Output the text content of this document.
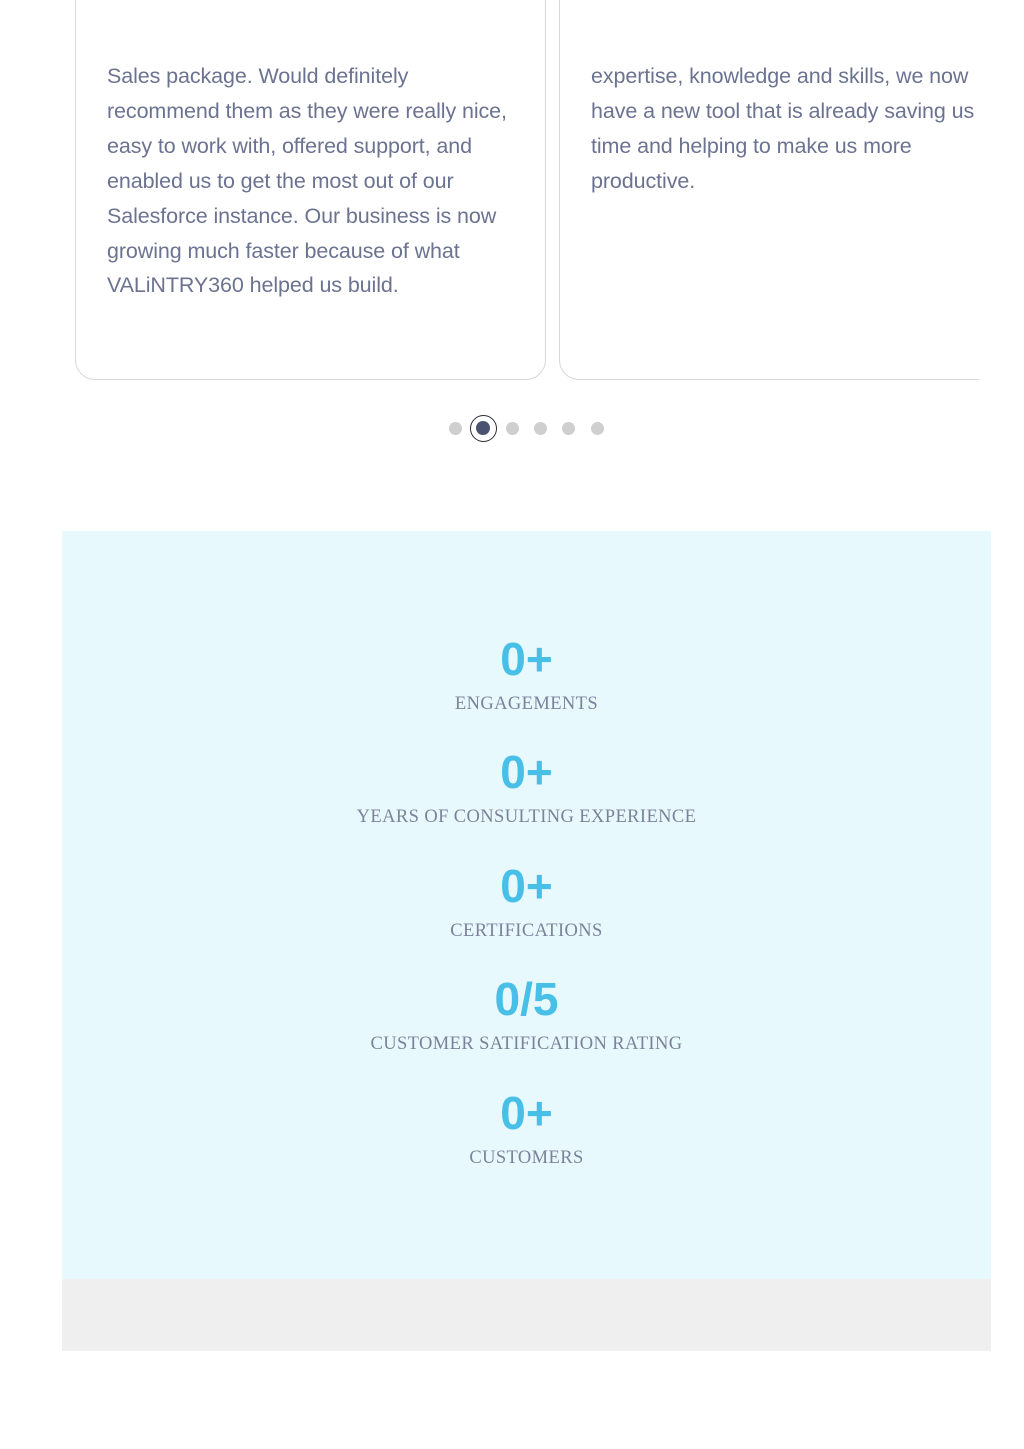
Sales package. Would definitely recommend them as they were really nice, easy to work with, offered support, and enabled us to get the most out of our Salesforce instance. Our business is now growing much faster because of what VALiNTRY360 helped us build.

expertise, knowledge and skills, we now have a new tool that is already saving us time and helping to make us more productive.

0+
ENGAGEMENTS
0+
YEARS OF CONSULTING EXPERIENCE
0+
CERTIFICATIONS
0/5
CUSTOMER SATIFICATION RATING
0+
CUSTOMERS
